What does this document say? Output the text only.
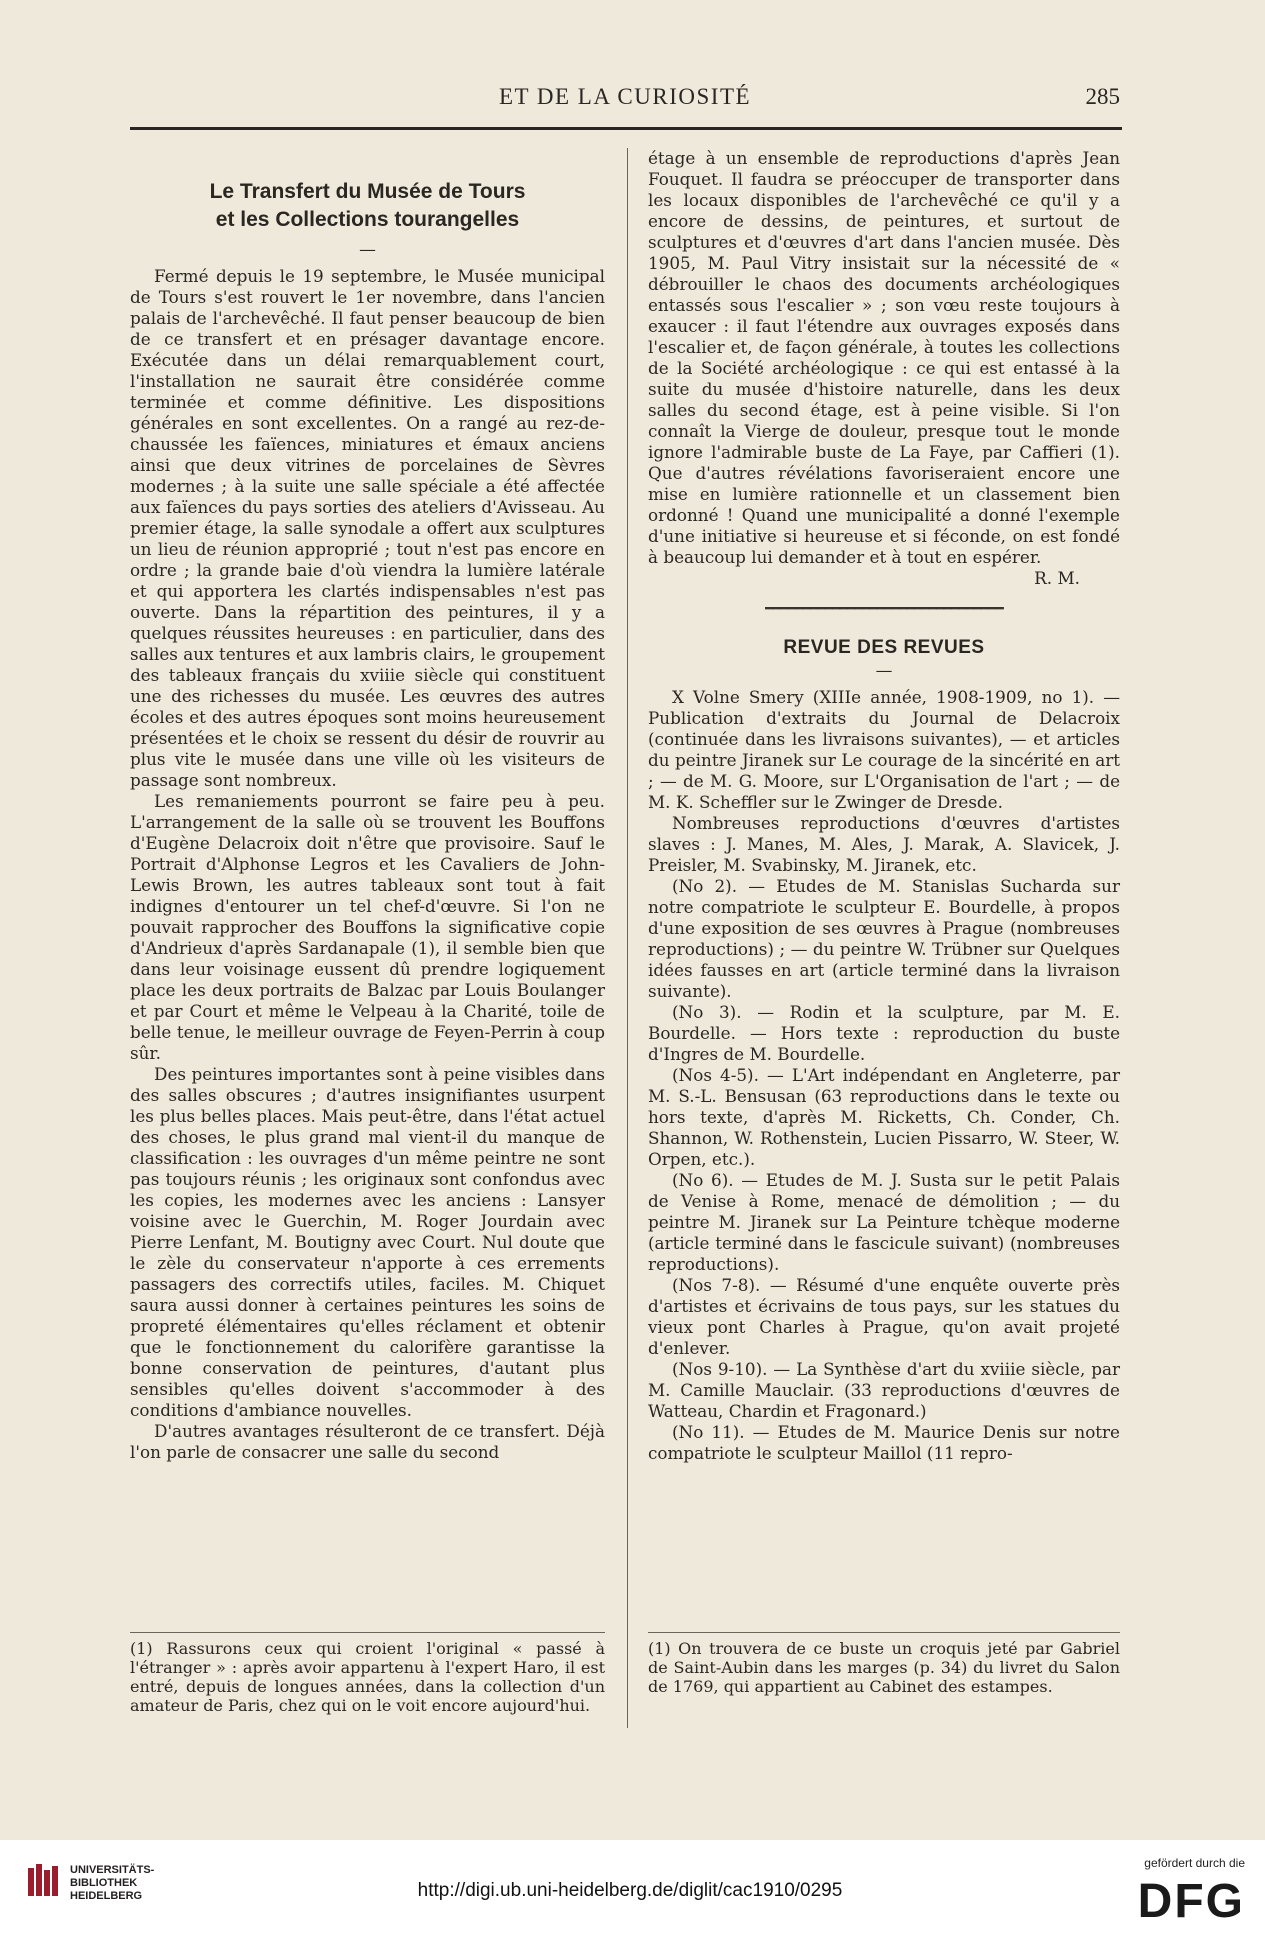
ET DE LA CURIOSITÉ	285
Le Transfert du Musée de Tours
et les Collections tourangelles
—

Fermé depuis le 19 septembre, le Musée municipal de Tours s'est rouvert le 1er novembre, dans l'ancien palais de l'archevêché. Il faut penser beaucoup de bien de ce transfert et en présager davantage encore. Exécutée dans un délai remarquablement court, l'installation ne saurait être considérée comme terminée et comme définitive. Les dispositions générales en sont excellentes. On a rangé au rez-de-chaussée les faïences, miniatures et émaux anciens ainsi que deux vitrines de porcelaines de Sèvres modernes ; à la suite une salle spéciale a été affectée aux faïences du pays sorties des ateliers d'Avisseau. Au premier étage, la salle synodale a offert aux sculptures un lieu de réunion approprié ; tout n'est pas encore en ordre ; la grande baie d'où viendra la lumière latérale et qui apportera les clartés indispensables n'est pas ouverte. Dans la répartition des peintures, il y a quelques réussites heureuses : en particulier, dans des salles aux tentures et aux lambris clairs, le groupement des tableaux français du xviiie siècle qui constituent une des richesses du musée. Les œuvres des autres écoles et des autres époques sont moins heureusement présentées et le choix se ressent du désir de rouvrir au plus vite le musée dans une ville où les visiteurs de passage sont nombreux.

Les remaniements pourront se faire peu à peu. L'arrangement de la salle où se trouvent les Bouffons d'Eugène Delacroix doit n'être que provisoire. Sauf le Portrait d'Alphonse Legros et les Cavaliers de John-Lewis Brown, les autres tableaux sont tout à fait indignes d'entourer un tel chef-d'œuvre. Si l'on ne pouvait rapprocher des Bouffons la significative copie d'Andrieux d'après Sardanapale (1), il semble bien que dans leur voisinage eussent dû prendre logiquement place les deux portraits de Balzac par Louis Boulanger et par Court et même le Velpeau à la Charité, toile de belle tenue, le meilleur ouvrage de Feyen-Perrin à coup sûr.

Des peintures importantes sont à peine visibles dans des salles obscures ; d'autres insignifiantes usurpent les plus belles places. Mais peut-être, dans l'état actuel des choses, le plus grand mal vient-il du manque de classification : les ouvrages d'un même peintre ne sont pas toujours réunis ; les originaux sont confondus avec les copies, les modernes avec les anciens : Lansyer voisine avec le Guerchin, M. Roger Jourdain avec Pierre Lenfant, M. Boutigny avec Court. Nul doute que le zèle du conservateur n'apporte à ces errements passagers des correctifs utiles, faciles. M. Chiquet saura aussi donner à certaines peintures les soins de propreté élémentaires qu'elles réclament et obtenir que le fonctionnement du calorifère garantisse la bonne conservation de peintures, d'autant plus sensibles qu'elles doivent s'accommoder à des conditions d'ambiance nouvelles.

D'autres avantages résulteront de ce transfert. Déjà l'on parle de consacrer une salle du second

étage à un ensemble de reproductions d'après Jean Fouquet. Il faudra se préoccuper de transporter dans les locaux disponibles de l'archevêché ce qu'il y a encore de dessins, de peintures, et surtout de sculptures et d'œuvres d'art dans l'ancien musée. Dès 1905, M. Paul Vitry insistait sur la nécessité de « débrouiller le chaos des documents archéologiques entassés sous l'escalier » ; son vœu reste toujours à exaucer : il faut l'étendre aux ouvrages exposés dans l'escalier et, de façon générale, à toutes les collections de la Société archéologique : ce qui est entassé à la suite du musée d'histoire naturelle, dans les deux salles du second étage, est à peine visible. Si l'on connaît la Vierge de douleur, presque tout le monde ignore l'admirable buste de La Faye, par Caffieri (1). Que d'autres révélations favoriseraient encore une mise en lumière rationnelle et un classement bien ordonné ! Quand une municipalité a donné l'exemple d'une initiative si heureuse et si féconde, on est fondé à beaucoup lui demander et à tout en espérer.

R. M.
━━━━━━━━━━━━━━━━━━━━━━━━━━━━━━━━
REVUE DES REVUES
—

X Volne Smery (XIIIe année, 1908-1909, no 1). — Publication d'extraits du Journal de Delacroix (continuée dans les livraisons suivantes), — et articles du peintre Jiranek sur Le courage de la sincérité en art ; — de M. G. Moore, sur L'Organisation de l'art ; — de M. K. Scheffler sur le Zwinger de Dresde.

Nombreuses reproductions d'œuvres d'artistes slaves : J. Manes, M. Ales, J. Marak, A. Slavicek, J. Preisler, M. Svabinsky, M. Jiranek, etc.

(No 2). — Etudes de M. Stanislas Sucharda sur notre compatriote le sculpteur E. Bourdelle, à propos d'une exposition de ses œuvres à Prague (nombreuses reproductions) ; — du peintre W. Trübner sur Quelques idées fausses en art (article terminé dans la livraison suivante).

(No 3). — Rodin et la sculpture, par M. E. Bourdelle. — Hors texte : reproduction du buste d'Ingres de M. Bourdelle.

(Nos 4-5). — L'Art indépendant en Angleterre, par M. S.-L. Bensusan (63 reproductions dans le texte ou hors texte, d'après M. Ricketts, Ch. Conder, Ch. Shannon, W. Rothenstein, Lucien Pissarro, W. Steer, W. Orpen, etc.).

(No 6). — Etudes de M. J. Susta sur le petit Palais de Venise à Rome, menacé de démolition ; — du peintre M. Jiranek sur La Peinture tchèque moderne (article terminé dans le fascicule suivant) (nombreuses reproductions).

(Nos 7-8). — Résumé d'une enquête ouverte près d'artistes et écrivains de tous pays, sur les statues du vieux pont Charles à Prague, qu'on avait projeté d'enlever.

(Nos 9-10). — La Synthèse d'art du xviiie siècle, par M. Camille Mauclair. (33 reproductions d'œuvres de Watteau, Chardin et Fragonard.)

(No 11). — Etudes de M. Maurice Denis sur notre compatriote le sculpteur Maillol (11 repro-

(1) Rassurons ceux qui croient l'original « passé à l'étranger » : après avoir appartenu à l'expert Haro, il est entré, depuis de longues années, dans la collection d'un amateur de Paris, chez qui on le voit encore aujourd'hui.
(1) On trouvera de ce buste un croquis jeté par Gabriel de Saint-Aubin dans les marges (p. 34) du livret du Salon de 1769, qui appartient au Cabinet des estampes.
UNIVERSITÄTS-
BIBLIOTHEK
HEIDELBERG	http://digi.ub.uni-heidelberg.de/diglit/cac1910/0295
gefördert durch die
DFG
